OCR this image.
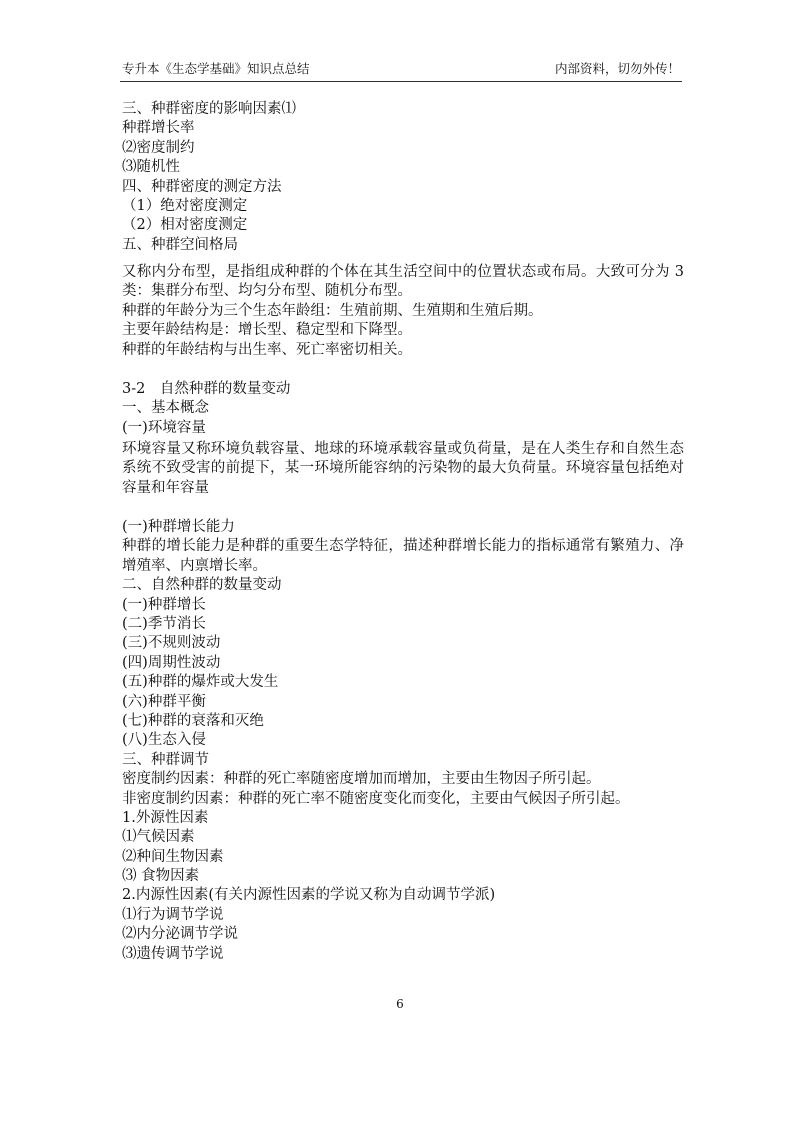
专升本《生态学基础》知识点总结	内部资料，切勿外传！
三、种群密度的影响因素⑴
种群增长率
⑵密度制约
⑶随机性
四、种群密度的测定方法
（1）绝对密度测定
（2）相对密度测定
五、种群空间格局
又称内分布型，是指组成种群的个体在其生活空间中的位置状态或布局。大致可分为 3 类：集群分布型、均匀分布型、随机分布型。
种群的年龄分为三个生态年龄组：生殖前期、生殖期和生殖后期。
主要年龄结构是：增长型、稳定型和下降型。
种群的年龄结构与出生率、死亡率密切相关。
3-2　自然种群的数量变动
一、基本概念
(一)环境容量
环境容量又称环境负载容量、地球的环境承载容量或负荷量，是在人类生存和自然生态系统不致受害的前提下，某一环境所能容纳的污染物的最大负荷量。环境容量包括绝对容量和年容量
(一)种群增长能力
种群的增长能力是种群的重要生态学特征，描述种群增长能力的指标通常有繁殖力、净增殖率、内禀增长率。
二、自然种群的数量变动
(一)种群增长
(二)季节消长
(三)不规则波动
(四)周期性波动
(五)种群的爆炸或大发生
(六)种群平衡
(七)种群的衰落和灭绝
(八)生态入侵
三、种群调节
密度制约因素：种群的死亡率随密度增加而增加，主要由生物因子所引起。
非密度制约因素：种群的死亡率不随密度变化而变化，主要由气候因子所引起。
1.外源性因素
⑴气候因素
⑵种间生物因素
⑶ 食物因素
2.内源性因素(有关内源性因素的学说又称为自动调节学派)
⑴行为调节学说
⑵内分泌调节学说
⑶遗传调节学说
6
